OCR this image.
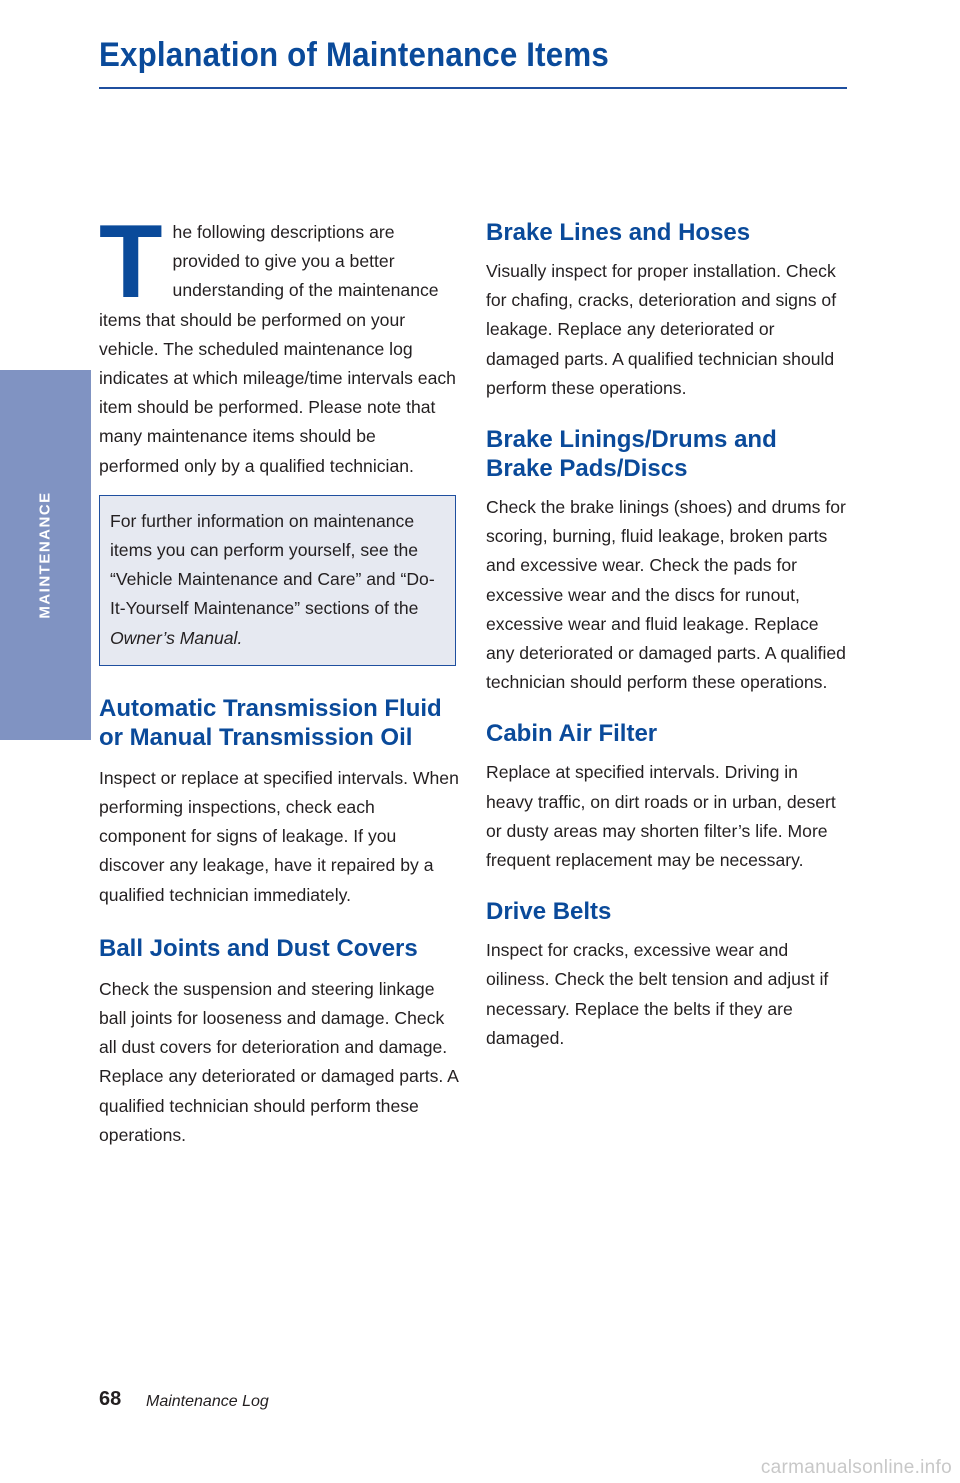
Explanation of Maintenance Items
MAINTENANCE

The following descriptions are provided to give you a better understanding of the maintenance items that should be performed on your vehicle. The scheduled maintenance log indicates at which mileage/time intervals each item should be performed. Please note that many maintenance items should be performed only by a qualified technician.

For further information on maintenance items you can perform yourself, see the “Vehicle Maintenance and Care” and “Do-It-Yourself Maintenance” sections of the Owner’s Manual.
Automatic Transmission Fluid or Manual Transmission Oil

Inspect or replace at specified intervals. When performing inspections, check each component for signs of leakage. If you discover any leakage, have it repaired by a qualified technician immediately.

Ball Joints and Dust Covers

Check the suspension and steering linkage ball joints for looseness and damage. Check all dust covers for deterioration and damage. Replace any deteriorated or damaged parts. A qualified technician should perform these operations.

Brake Lines and Hoses

Visually inspect for proper installation. Check for chafing, cracks, deterioration and signs of leakage. Replace any deteriorated or damaged parts. A qualified technician should perform these operations.

Brake Linings/Drums and Brake Pads/Discs

Check the brake linings (shoes) and drums for scoring, burning, fluid leakage, broken parts and excessive wear. Check the pads for excessive wear and the discs for runout, excessive wear and fluid leakage. Replace any deteriorated or damaged parts. A qualified technician should perform these operations.

Cabin Air Filter

Replace at specified intervals. Driving in heavy traffic, on dirt roads or in urban, desert or dusty areas may shorten filter’s life. More frequent replacement may be necessary.

Drive Belts

Inspect for cracks, excessive wear and oiliness. Check the belt tension and adjust if necessary. Replace the belts if they are damaged.

68 Maintenance Log
carmanualsonline.info
